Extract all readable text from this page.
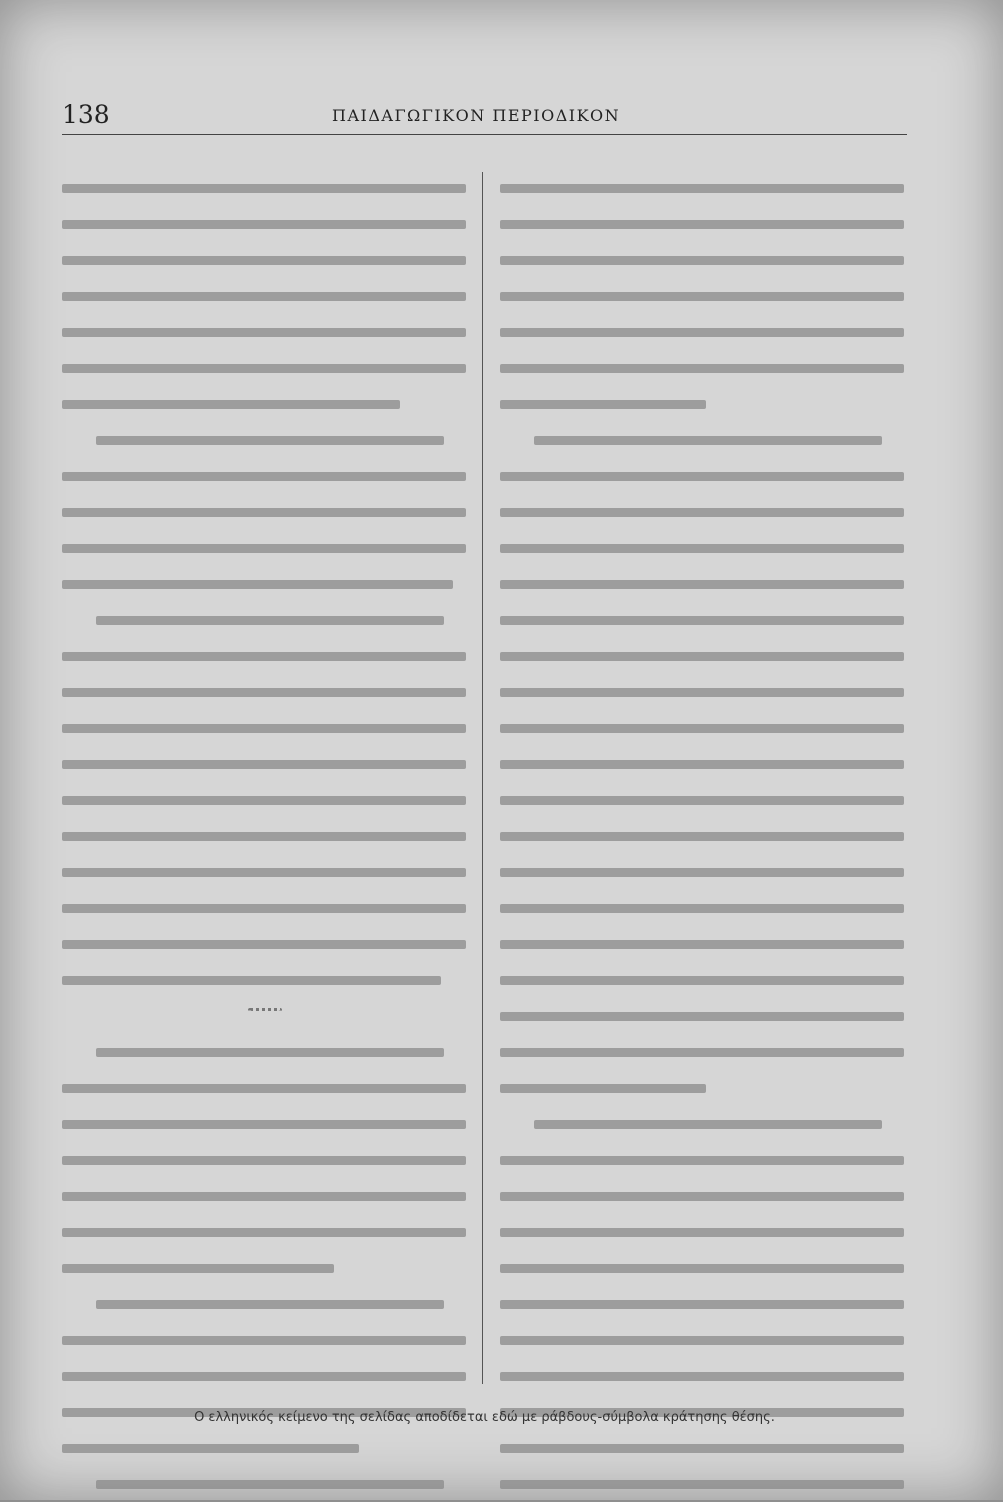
138	ΠΑΙΔΑΓΩΓΙΚΟΝ ΠΕΡΙΟΔΙΚΟΝ
Ο ελληνικός κείμενο της σελίδας αποδίδεται εδώ με ράβδους-σύμβολα κράτησης θέσης.
